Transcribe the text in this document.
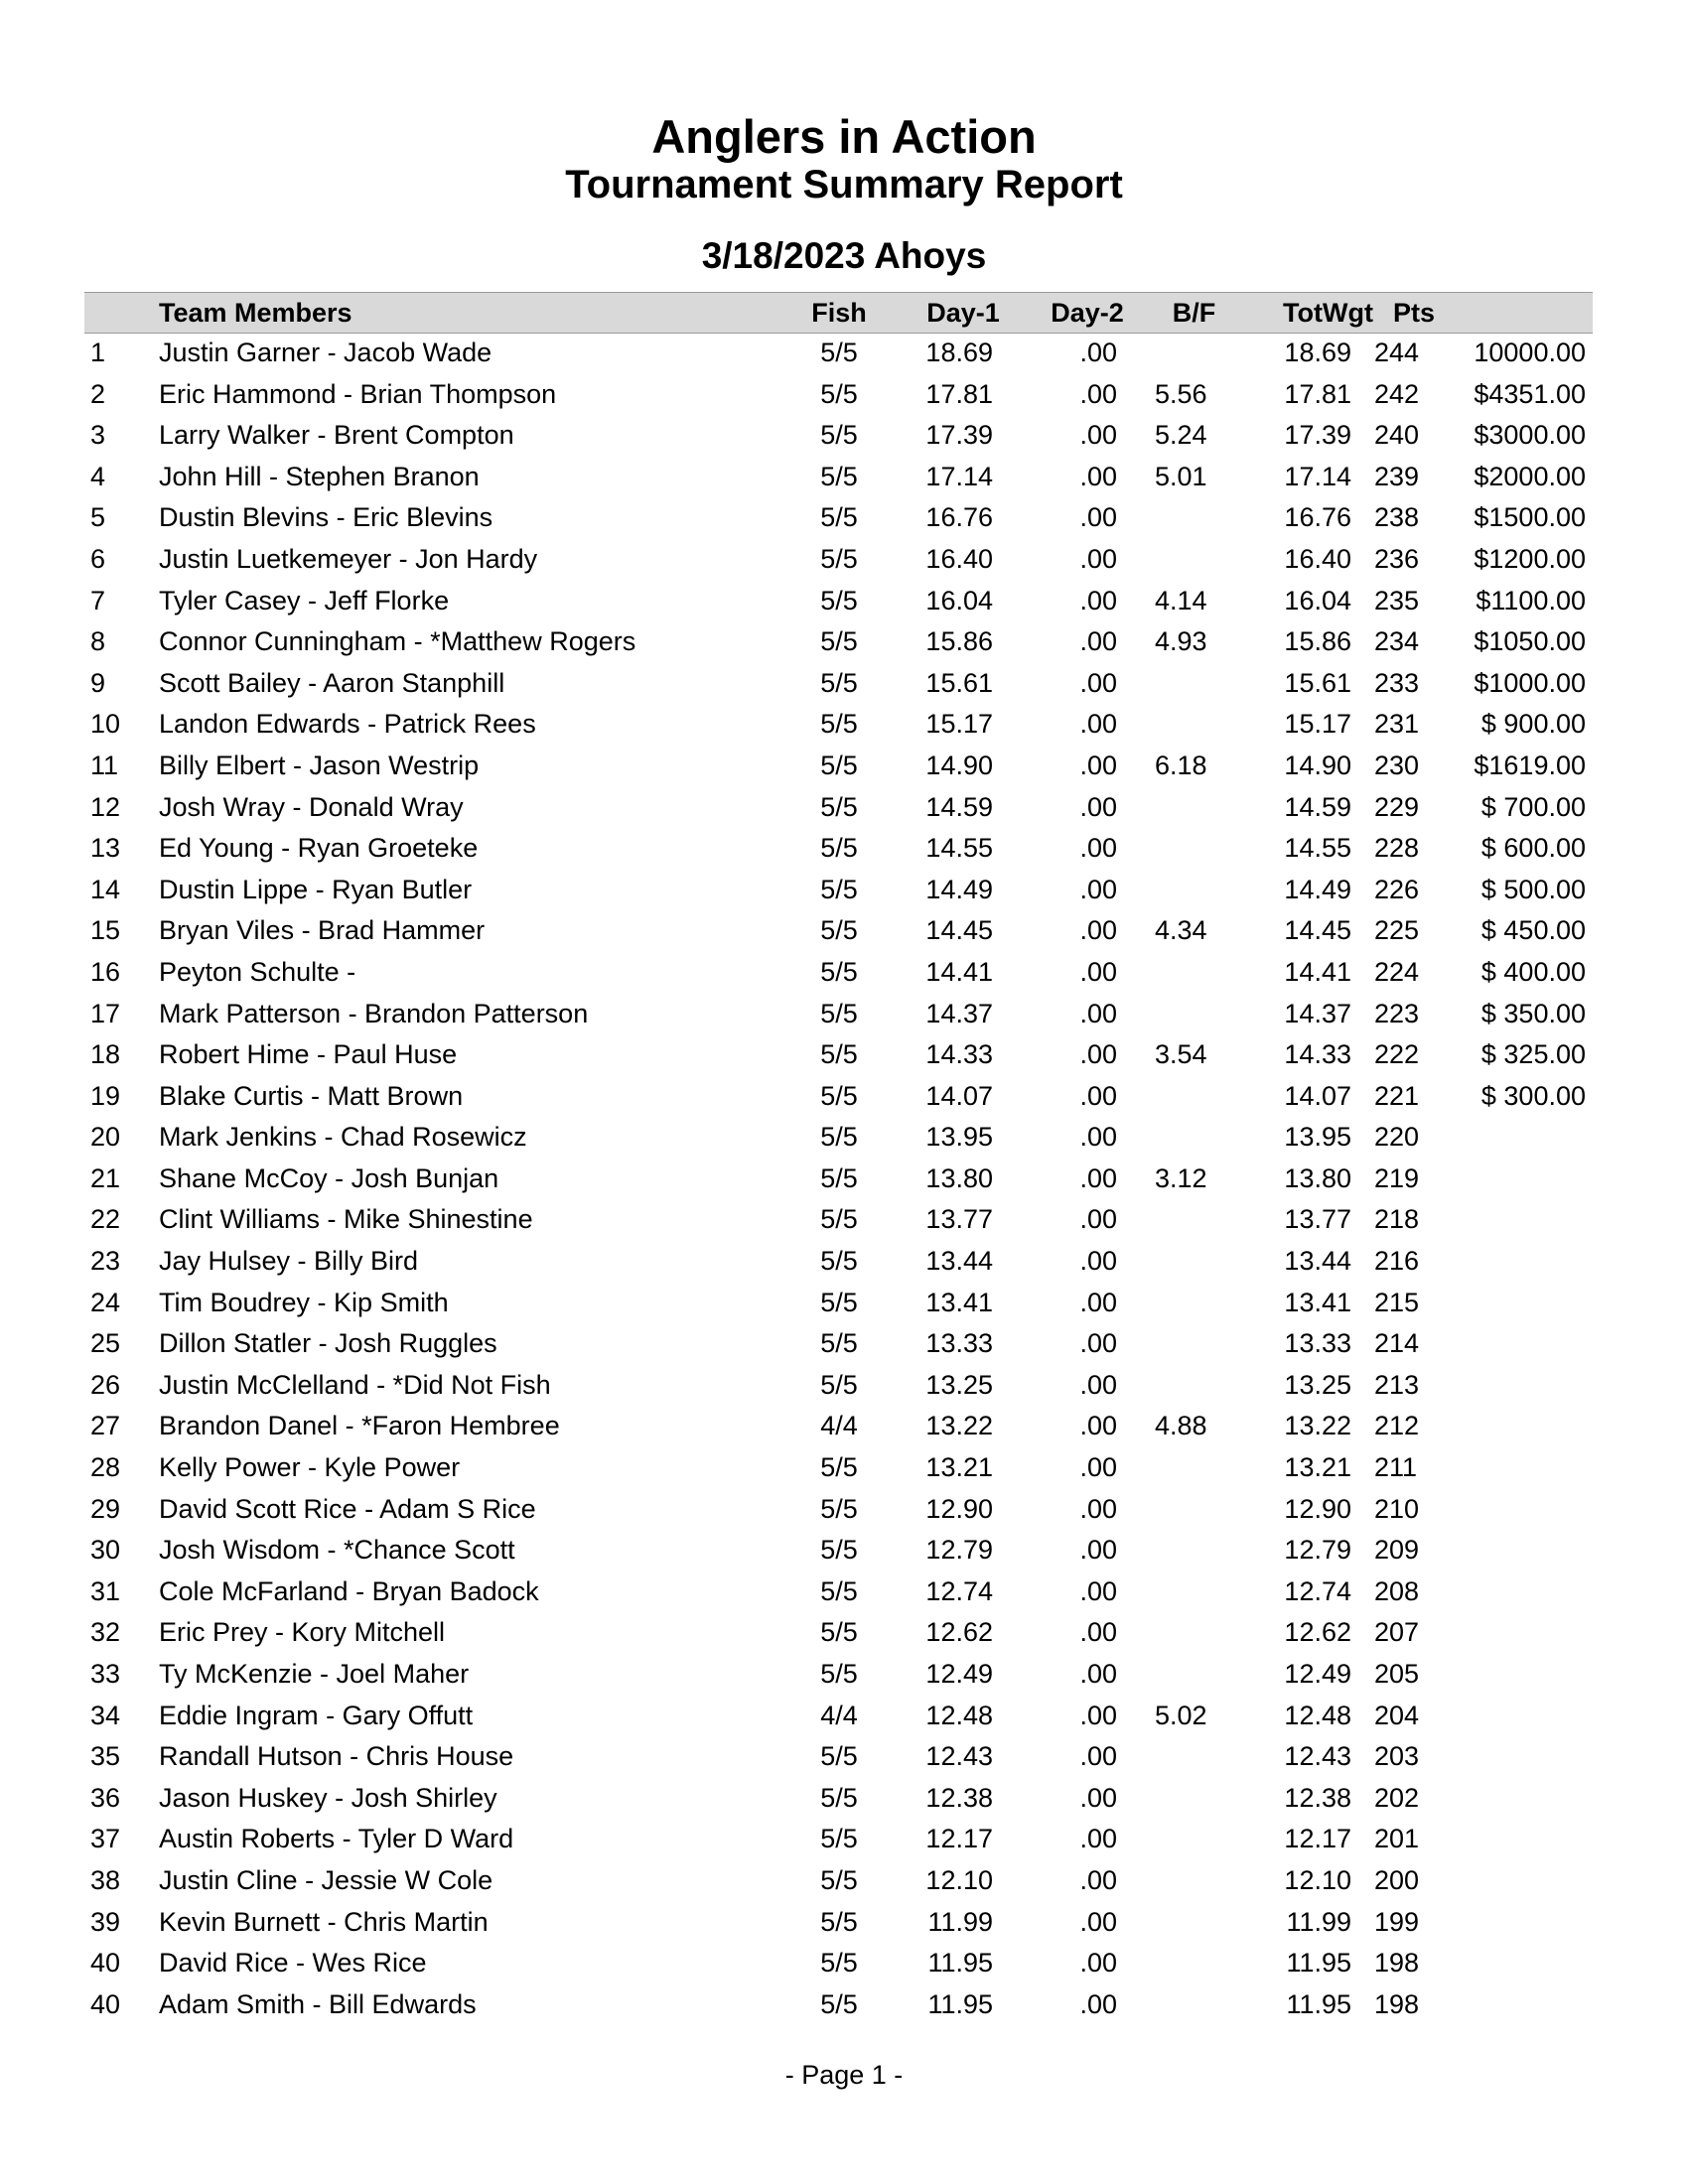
Anglers in Action
Tournament Summary Report
3/18/2023 Ahoys
Team Members	Fish	Day-1	Day-2	B/F	TotWgt Pts
1 Justin Garner - Jacob Wade	5/5	18.69	.00	18.69 244 10000.00
2 Eric Hammond - Brian Thompson	5/5	17.81	.00 5.56	17.81 242 $4351.00
3 Larry Walker - Brent Compton	5/5	17.39	.00 5.24	17.39 240 $3000.00
4 John Hill - Stephen Branon	5/5	17.14	.00 5.01	17.14 239 $2000.00
5 Dustin Blevins - Eric Blevins	5/5	16.76	.00	16.76 238 $1500.00
6 Justin Luetkemeyer - Jon Hardy	5/5	16.40	.00	16.40 236 $1200.00
7 Tyler Casey - Jeff Florke	5/5	16.04	.00 4.14	16.04 235 $1100.00
8 Connor Cunningham - *Matthew Rogers	5/5	15.86	.00 4.93	15.86 234 $1050.00
9 Scott Bailey - Aaron Stanphill	5/5	15.61	.00	15.61 233 $1000.00
10 Landon Edwards - Patrick Rees	5/5	15.17	.00	15.17 231 $ 900.00
11 Billy Elbert - Jason Westrip	5/5	14.90	.00 6.18	14.90 230 $1619.00
12 Josh Wray - Donald Wray	5/5	14.59	.00	14.59 229 $ 700.00
13 Ed Young - Ryan Groeteke	5/5	14.55	.00	14.55 228 $ 600.00
14 Dustin Lippe - Ryan Butler	5/5	14.49	.00	14.49 226 $ 500.00
15 Bryan Viles - Brad Hammer	5/5	14.45	.00 4.34	14.45 225 $ 450.00
16 Peyton Schulte -	5/5	14.41	.00	14.41 224 $ 400.00
17 Mark Patterson - Brandon Patterson	5/5	14.37	.00	14.37 223 $ 350.00
18 Robert Hime - Paul Huse	5/5	14.33	.00 3.54	14.33 222 $ 325.00
19 Blake Curtis - Matt Brown	5/5	14.07	.00	14.07 221 $ 300.00
20 Mark Jenkins - Chad Rosewicz	5/5	13.95	.00	13.95 220
21 Shane McCoy - Josh Bunjan	5/5	13.80	.00 3.12	13.80 219
22 Clint Williams - Mike Shinestine	5/5	13.77	.00	13.77 218
23 Jay Hulsey - Billy Bird	5/5	13.44	.00	13.44 216
24 Tim Boudrey - Kip Smith	5/5	13.41	.00	13.41 215
25 Dillon Statler - Josh Ruggles	5/5	13.33	.00	13.33 214
26 Justin McClelland - *Did Not Fish	5/5	13.25	.00	13.25 213
27 Brandon Danel - *Faron Hembree	4/4	13.22	.00 4.88	13.22 212
28 Kelly Power - Kyle Power	5/5	13.21	.00	13.21 211
29 David Scott Rice - Adam S Rice	5/5	12.90	.00	12.90 210
30 Josh Wisdom - *Chance Scott	5/5	12.79	.00	12.79 209
31 Cole McFarland - Bryan Badock	5/5	12.74	.00	12.74 208
32 Eric Prey - Kory Mitchell	5/5	12.62	.00	12.62 207
33 Ty McKenzie - Joel Maher	5/5	12.49	.00	12.49 205
34 Eddie Ingram - Gary Offutt	4/4	12.48	.00 5.02	12.48 204
35 Randall Hutson - Chris House	5/5	12.43	.00	12.43 203
36 Jason Huskey - Josh Shirley	5/5	12.38	.00	12.38 202
37 Austin Roberts - Tyler D Ward	5/5	12.17	.00	12.17 201
38 Justin Cline - Jessie W Cole	5/5	12.10	.00	12.10 200
39 Kevin Burnett - Chris Martin	5/5	11.99	.00	11.99 199
40 David Rice - Wes Rice	5/5	11.95	.00	11.95 198
40 Adam Smith - Bill Edwards	5/5	11.95	.00	11.95 198
- Page 1 -
